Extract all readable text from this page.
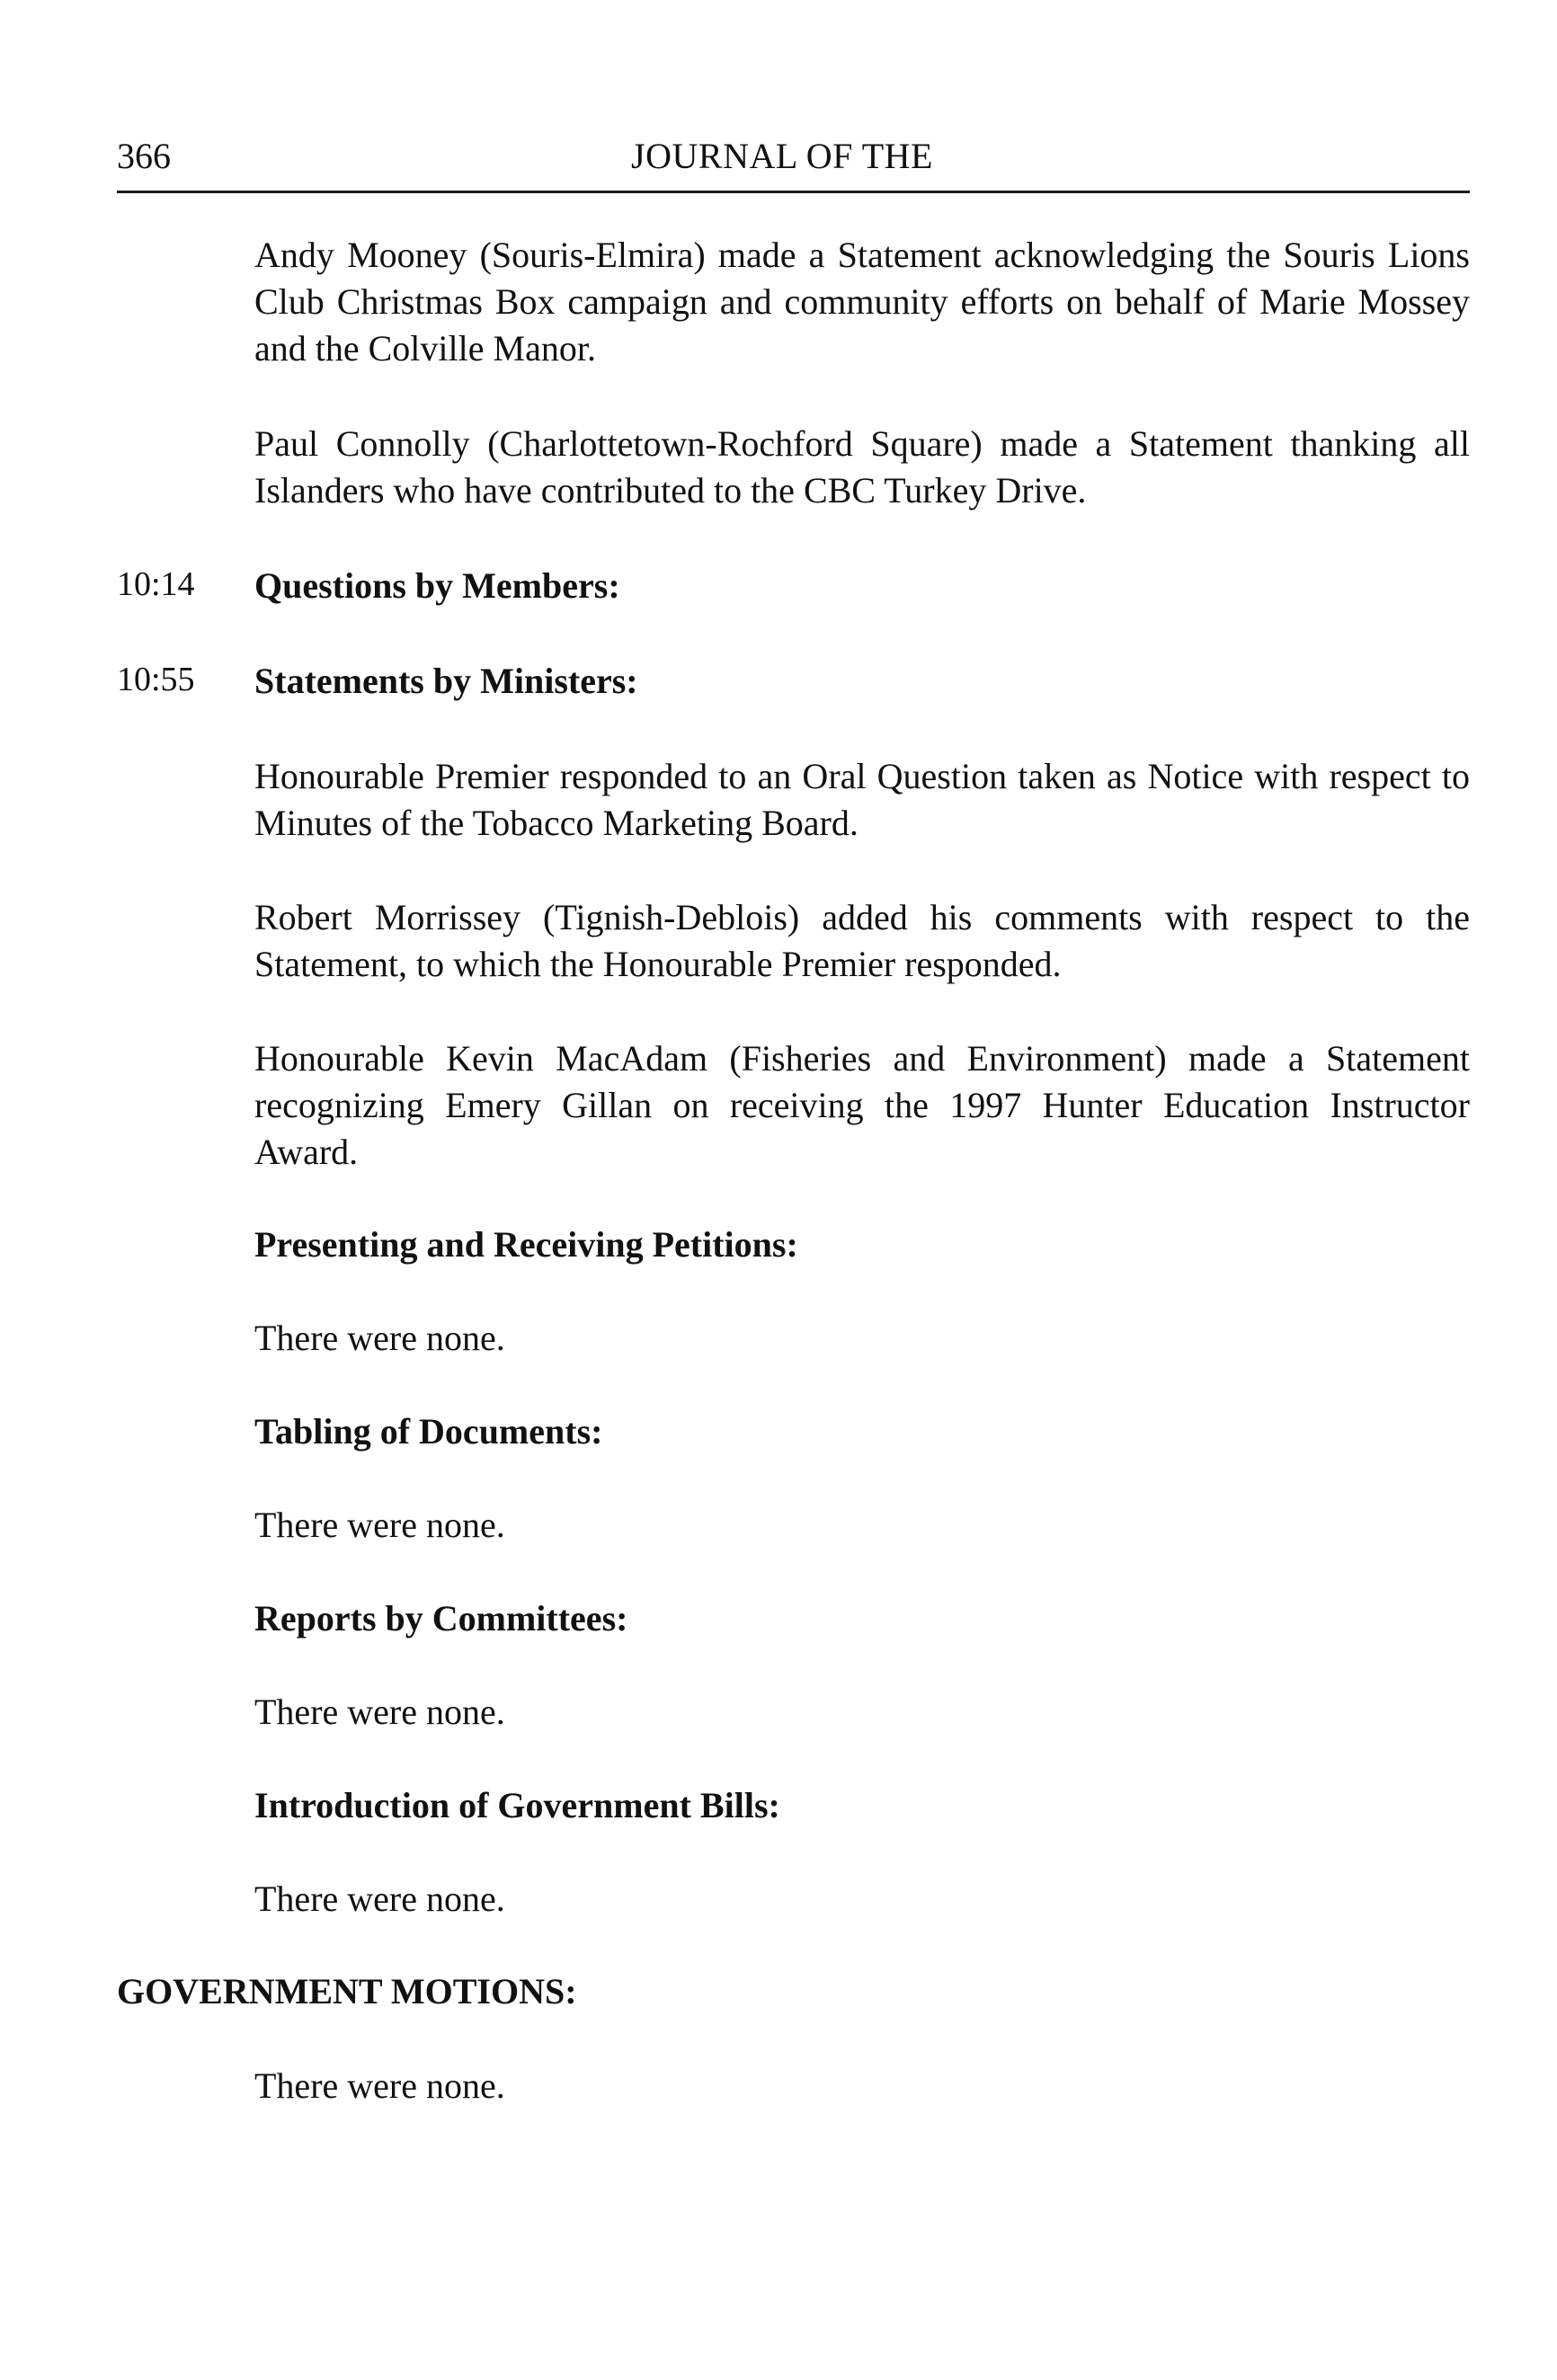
366	JOURNAL OF THE
Andy Mooney (Souris-Elmira) made a Statement acknowledging the Souris Lions Club Christmas Box campaign and community efforts on behalf of Marie Mossey and the Colville Manor.
Paul Connolly (Charlottetown-Rochford Square) made a Statement thanking all Islanders who have contributed to the CBC Turkey Drive.
10:14 Questions by Members:
10:55 Statements by Ministers:
Honourable Premier responded to an Oral Question taken as Notice with respect to Minutes of the Tobacco Marketing Board.
Robert Morrissey (Tignish-Deblois) added his comments with respect to the Statement, to which the Honourable Premier responded.
Honourable Kevin MacAdam (Fisheries and Environment) made a Statement recognizing Emery Gillan on receiving the 1997 Hunter Education Instructor Award.
Presenting and Receiving Petitions:
There were none.
Tabling of Documents:
There were none.
Reports by Committees:
There were none.
Introduction of Government Bills:
There were none.
GOVERNMENT MOTIONS:
There were none.
